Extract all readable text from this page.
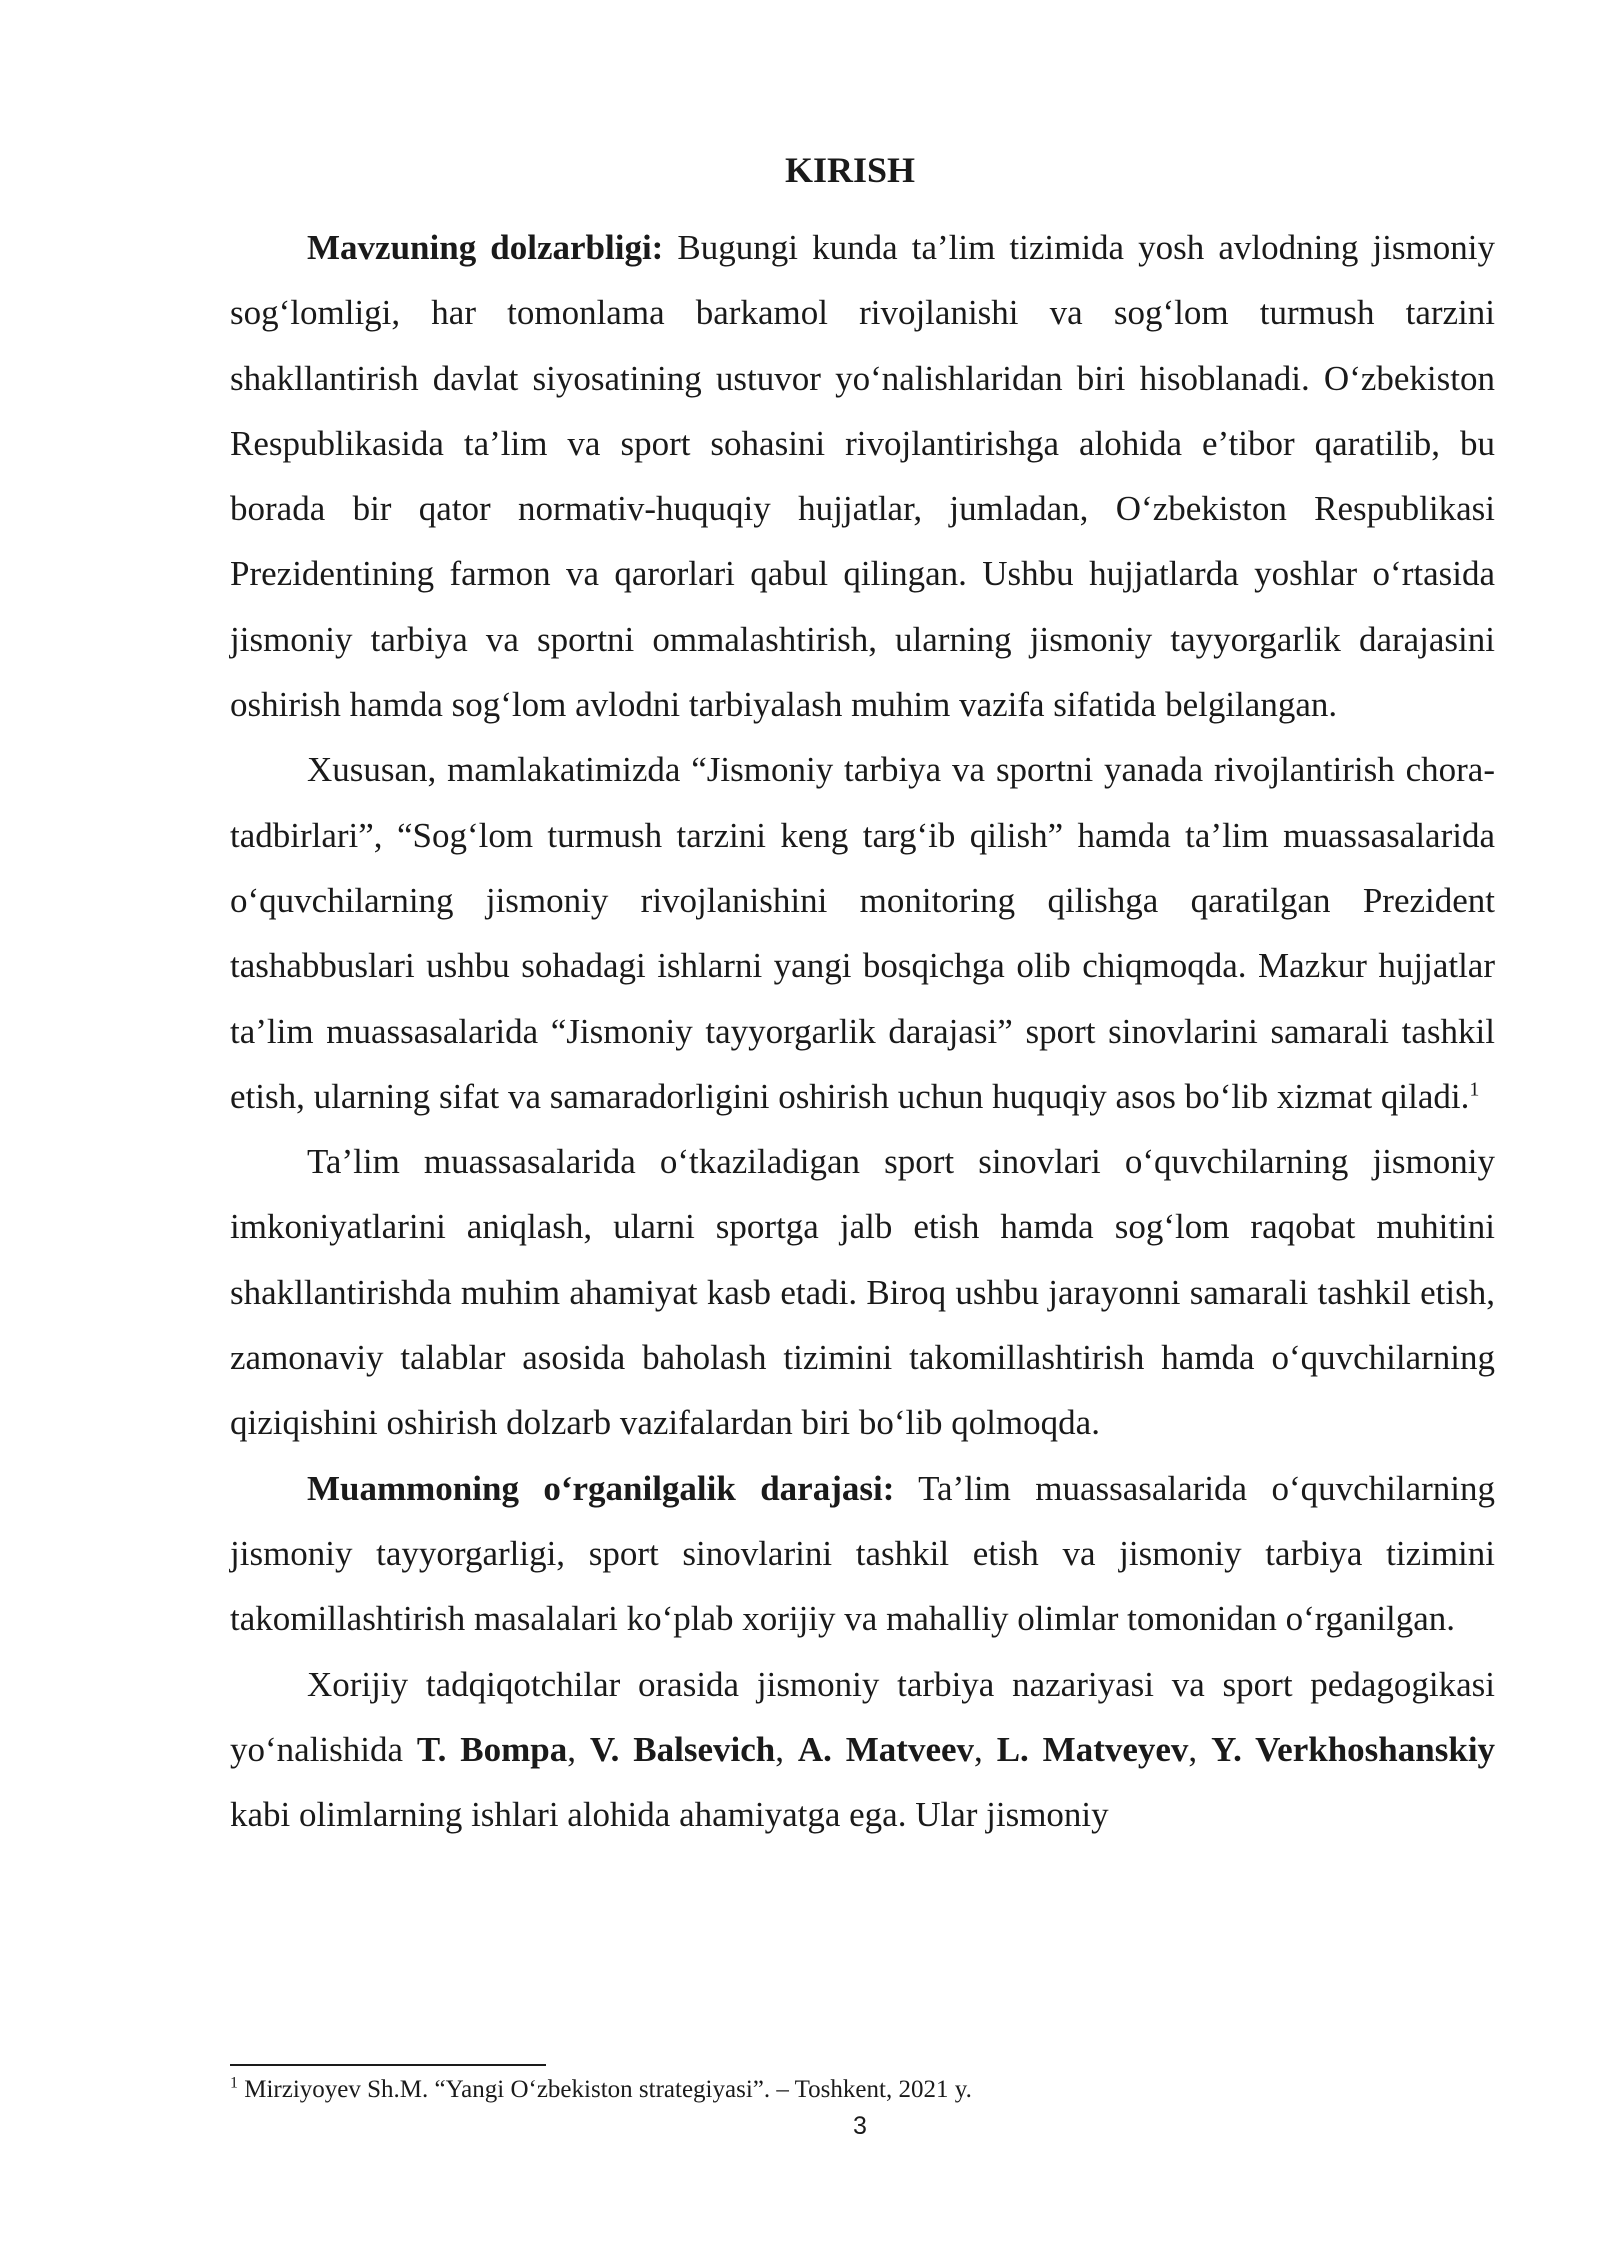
KIRISH

Mavzuning dolzarbligi: Bugungi kunda ta’lim tizimida yosh avlodning jismoniy sog‘lomligi, har tomonlama barkamol rivojlanishi va sog‘lom turmush tarzini shakllantirish davlat siyosatining ustuvor yo‘nalishlaridan biri hisoblanadi. O‘zbekiston Respublikasida ta’lim va sport sohasini rivojlantirishga alohida e’tibor qaratilib, bu borada bir qator normativ-huquqiy hujjatlar, jumladan, O‘zbekiston Respublikasi Prezidentining farmon va qarorlari qabul qilingan. Ushbu hujjatlarda yoshlar o‘rtasida jismoniy tarbiya va sportni ommalashtirish, ularning jismoniy tayyorgarlik darajasini oshirish hamda sog‘lom avlodni tarbiyalash muhim vazifa sifatida belgilangan.

Xususan, mamlakatimizda “Jismoniy tarbiya va sportni yanada rivojlantirish chora-tadbirlari”, “Sog‘lom turmush tarzini keng targ‘ib qilish” hamda ta’lim muassasalarida o‘quvchilarning jismoniy rivojlanishini monitoring qilishga qaratilgan Prezident tashabbuslari ushbu sohadagi ishlarni yangi bosqichga olib chiqmoqda. Mazkur hujjatlar ta’lim muassasalarida “Jismoniy tayyorgarlik darajasi” sport sinovlarini samarali tashkil etish, ularning sifat va samaradorligini oshirish uchun huquqiy asos bo‘lib xizmat qiladi.$^1$

Ta’lim muassasalarida o‘tkaziladigan sport sinovlari o‘quvchilarning jismoniy imkoniyatlarini aniqlash, ularni sportga jalb etish hamda sog‘lom raqobat muhitini shakllantirishda muhim ahamiyat kasb etadi. Biroq ushbu jarayonni samarali tashkil etish, zamonaviy talablar asosida baholash tizimini takomillashtirish hamda o‘quvchilarning qiziqishini oshirish dolzarb vazifalardan biri bo‘lib qolmoqda.

Muammoning o‘rganilgalik darajasi: Ta’lim muassasalarida o‘quvchilarning jismoniy tayyorgarligi, sport sinovlarini tashkil etish va jismoniy tarbiya tizimini takomillashtirish masalalari ko‘plab xorijiy va mahalliy olimlar tomonidan o‘rganilgan.

Xorijiy tadqiqotchilar orasida jismoniy tarbiya nazariyasi va sport pedagogikasi yo‘nalishida T. Bompa, V. Balsevich, A. Matveev, L. Matveyev, Y. Verkhoshanskiy kabi olimlarning ishlari alohida ahamiyatga ega. Ular jismoniy

$^1$ Mirziyoyev Sh.M. “Yangi O‘zbekiston strategiyasi”. – Toshkent, 2021 y.
3
